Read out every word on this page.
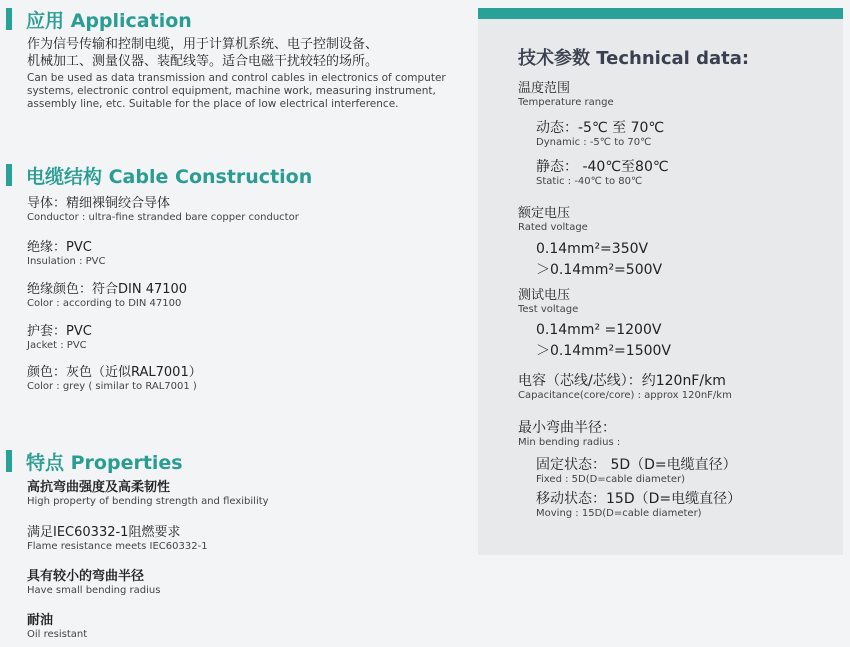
应用 Application
作为信号传输和控制电缆，用于计算机系统、电子控制设备、
机械加工、测量仪器、装配线等。适合电磁干扰较轻的场所。
Can be used as data transmission and control cables in electronics of computer
systems, electronic control equipment, machine work, measuring instrument,
assembly line, etc. Suitable for the place of low electrical interference.
电缆结构 Cable Construction
导体：精细裸铜绞合导体
Conductor : ultra-fine stranded bare copper conductor
绝缘：PVC
Insulation : PVC
绝缘颜色：符合DIN 47100
Color : according to DIN 47100
护套：PVC
Jacket : PVC
颜色：灰色（近似RAL7001）
Color : grey ( similar to RAL7001 )
特点 Properties
高抗弯曲强度及高柔韧性
High property of bending strength and flexibility
满足IEC60332-1阻燃要求
Flame resistance meets IEC60332-1
具有较小的弯曲半径
Have small bending radius
耐油
Oil resistant
技术参数 Technical data:
温度范围
Temperature range
动态：-5℃ 至 70℃
Dynamic : -5℃ to 70℃
静态： -40℃至80℃
Static : -40℃ to 80℃
额定电压
Rated voltage
0.14mm²=350V
＞0.14mm²=500V
测试电压
Test voltage
0.14mm² =1200V
＞0.14mm²=1500V
电容（芯线/芯线）：约120nF/km
Capacitance(core/core) : approx 120nF/km
最小弯曲半径：
Min bending radius :
固定状态： 5D（D=电缆直径）
Fixed : 5D(D=cable diameter)
移动状态：15D（D=电缆直径）
Moving : 15D(D=cable diameter)
